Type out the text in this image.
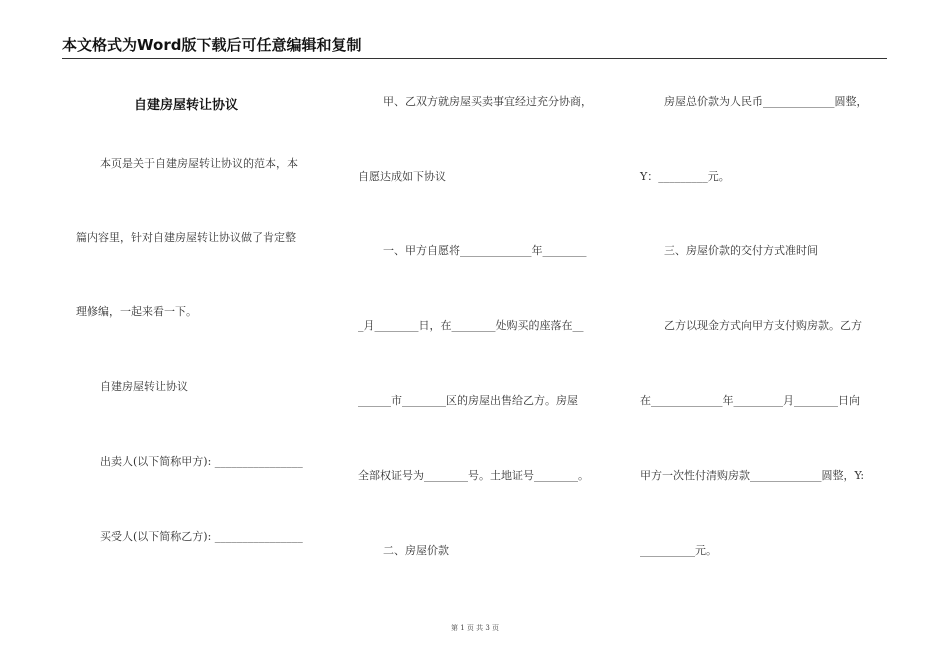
本文格式为Word版下载后可任意编辑和复制
自建房屋转让协议
本页是关于自建房屋转让协议的范本，本
篇内容里，针对自建房屋转让协议做了肯定整
理修编，一起来看一下。
自建房屋转让协议
出卖人(以下简称甲方): ________________
买受人(以下简称乙方): ________________
甲、乙双方就房屋买卖事宜经过充分协商，
自愿达成如下协议
一、甲方自愿将_____________年________
_月________日，在________处购买的座落在__
______市________区的房屋出售给乙方。房屋
全部权证号为________号。土地证号________。
二、房屋价款
房屋总价款为人民币_____________圆整，
Y：_________元。
三、房屋价款的交付方式准时间
乙方以现金方式向甲方支付购房款。乙方
在_____________年_________月________日向
甲方一次性付清购房款_____________圆整，Y:
__________元。
第 1 页 共 3 页
